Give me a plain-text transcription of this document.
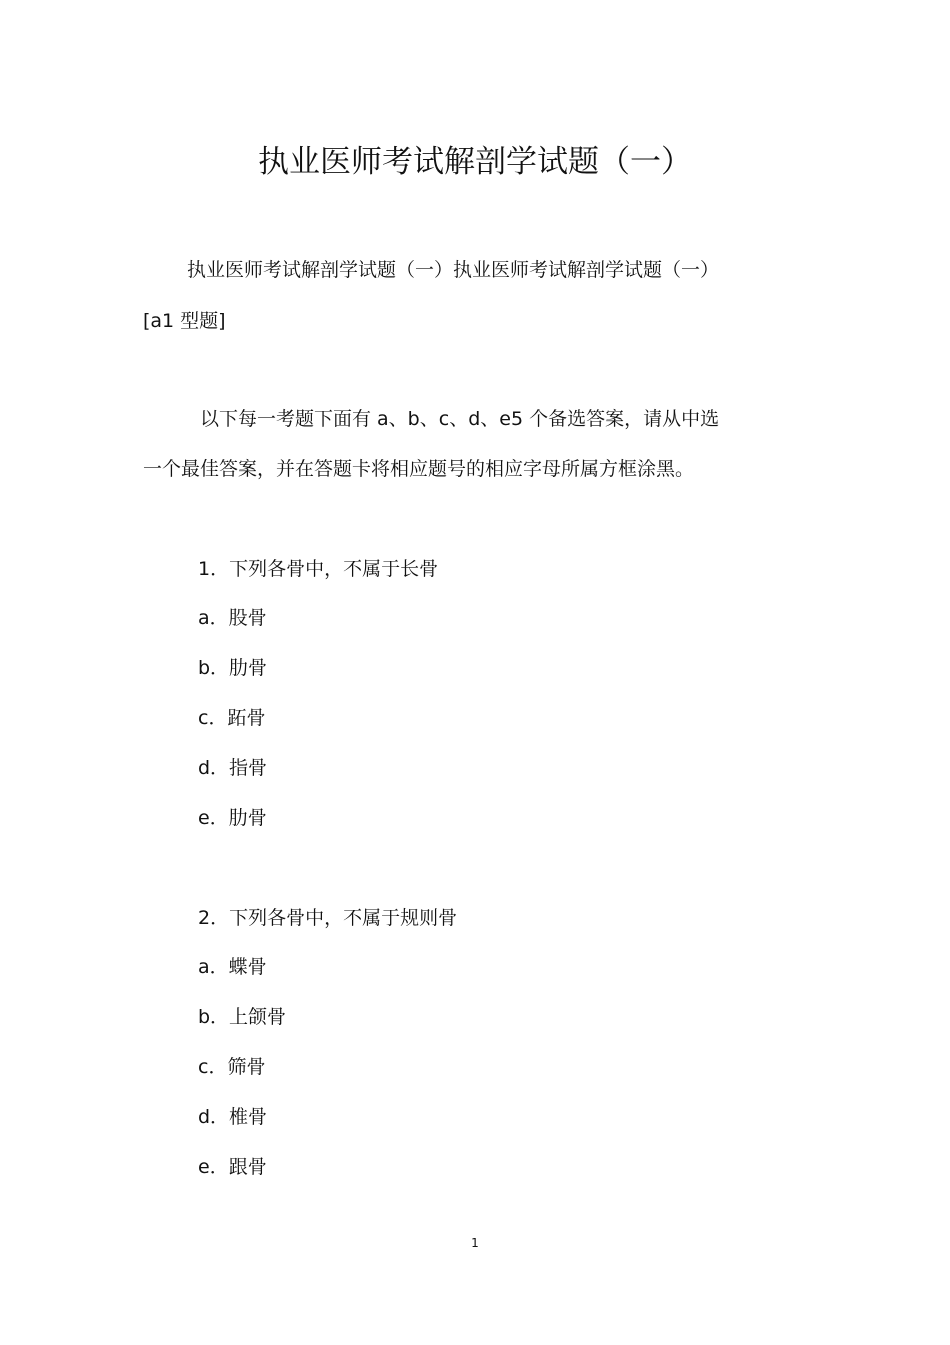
执业医师考试解剖学试题（一）
执业医师考试解剖学试题（一）执业医师考试解剖学试题（一）
[a1 型题]
以下每一考题下面有 a、b、c、d、e5 个备选答案，请从中选
一个最佳答案，并在答题卡将相应题号的相应字母所属方框涂黑。
1．下列各骨中，不属于长骨
a．股骨
b．肋骨
c．跖骨
d．指骨
e．肋骨
2．下列各骨中，不属于规则骨
a．蝶骨
b．上颌骨
c．筛骨
d．椎骨
e．跟骨
1
